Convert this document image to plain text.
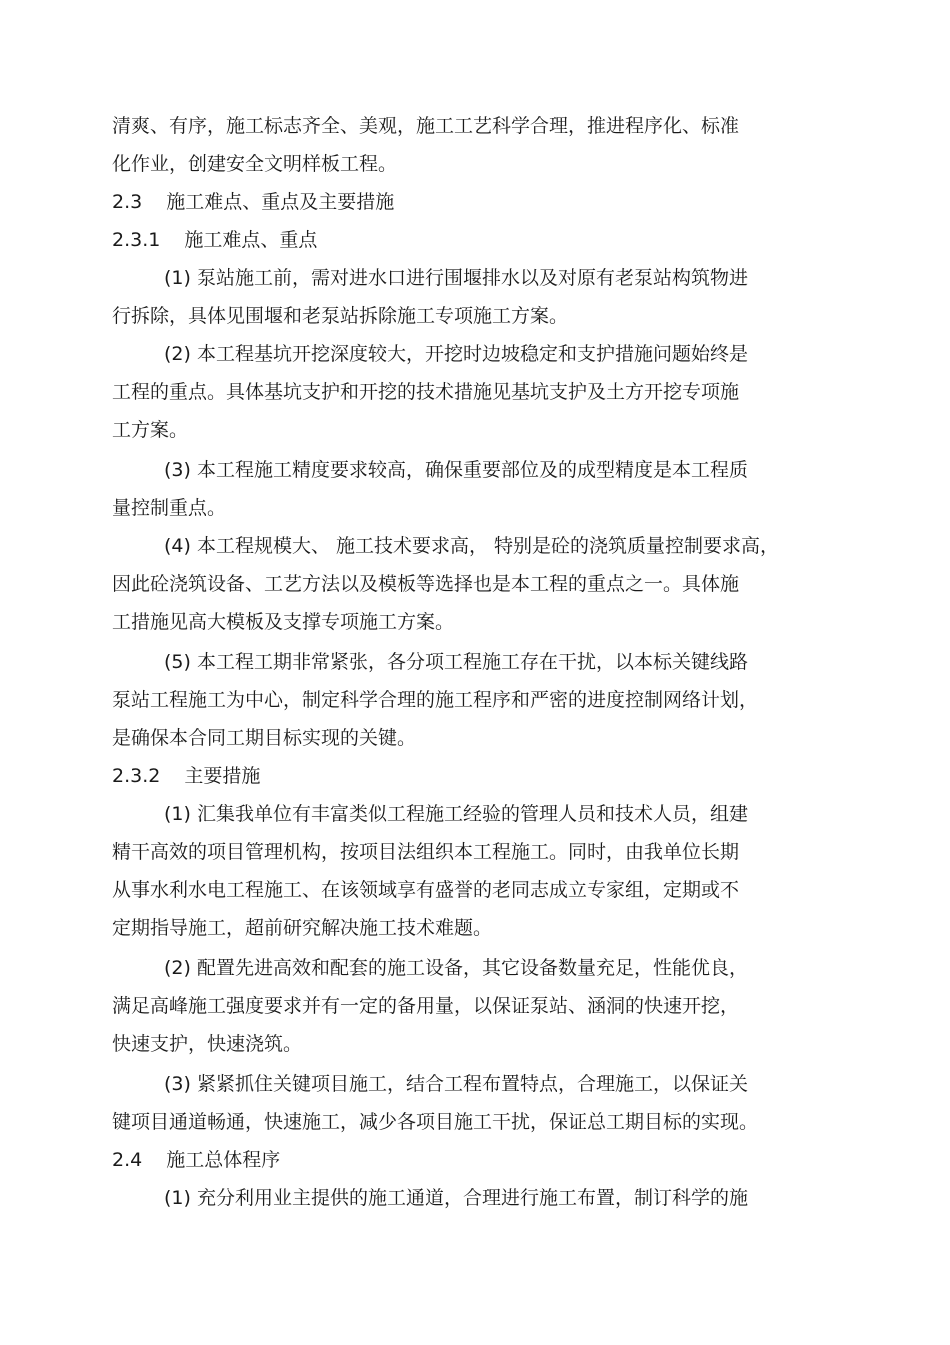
清爽、有序，施工标志齐全、美观，施工工艺科学合理，推进程序化、标准
化作业，创建安全文明样板工程。
2.3 施工难点、重点及主要措施
2.3.1 施工难点、重点
(1) 泵站施工前，需对进水口进行围堰排水以及对原有老泵站构筑物进
行拆除，具体见围堰和老泵站拆除施工专项施工方案。
(2) 本工程基坑开挖深度较大，开挖时边坡稳定和支护措施问题始终是
工程的重点。具体基坑支护和开挖的技术措施见基坑支护及土方开挖专项施
工方案。
(3) 本工程施工精度要求较高，确保重要部位及的成型精度是本工程质
量控制重点。
(4) 本工程规模大、 施工技术要求高， 特别是砼的浇筑质量控制要求高，
因此砼浇筑设备、工艺方法以及模板等选择也是本工程的重点之一。具体施
工措施见高大模板及支撑专项施工方案。
(5) 本工程工期非常紧张，各分项工程施工存在干扰，以本标关键线路
泵站工程施工为中心，制定科学合理的施工程序和严密的进度控制网络计划，
是确保本合同工期目标实现的关键。
2.3.2 主要措施
(1) 汇集我单位有丰富类似工程施工经验的管理人员和技术人员，组建
精干高效的项目管理机构，按项目法组织本工程施工。同时，由我单位长期
从事水利水电工程施工、在该领域享有盛誉的老同志成立专家组，定期或不
定期指导施工，超前研究解决施工技术难题。
(2) 配置先进高效和配套的施工设备，其它设备数量充足，性能优良，
满足高峰施工强度要求并有一定的备用量，以保证泵站、涵洞的快速开挖，
快速支护，快速浇筑。
(3) 紧紧抓住关键项目施工，结合工程布置特点，合理施工，以保证关
键项目通道畅通，快速施工，减少各项目施工干扰，保证总工期目标的实现。
2.4 施工总体程序
(1) 充分利用业主提供的施工通道，合理进行施工布置，制订科学的施
